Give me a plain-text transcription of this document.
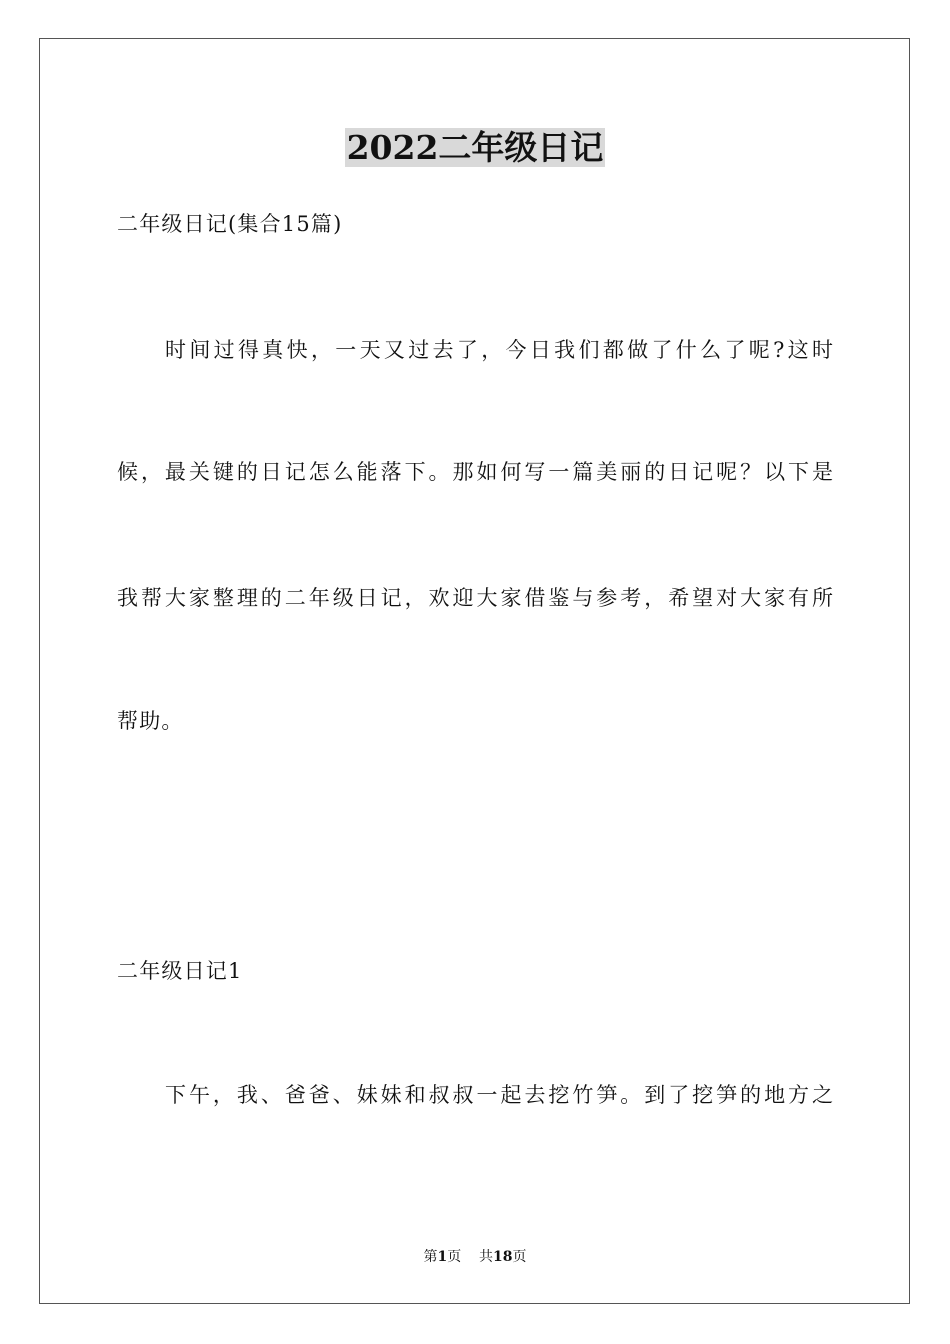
2022二年级日记
二年级日记(集合15篇)
时间过得真快，一天又过去了，今日我们都做了什么了呢?这时
候，最关键的日记怎么能落下。那如何写一篇美丽的日记呢？以下是
我帮大家整理的二年级日记，欢迎大家借鉴与参考，希望对大家有所
帮助。
二年级日记1
下午，我、爸爸、妹妹和叔叔一起去挖竹笋。到了挖笋的地方之
第1页 共18页
